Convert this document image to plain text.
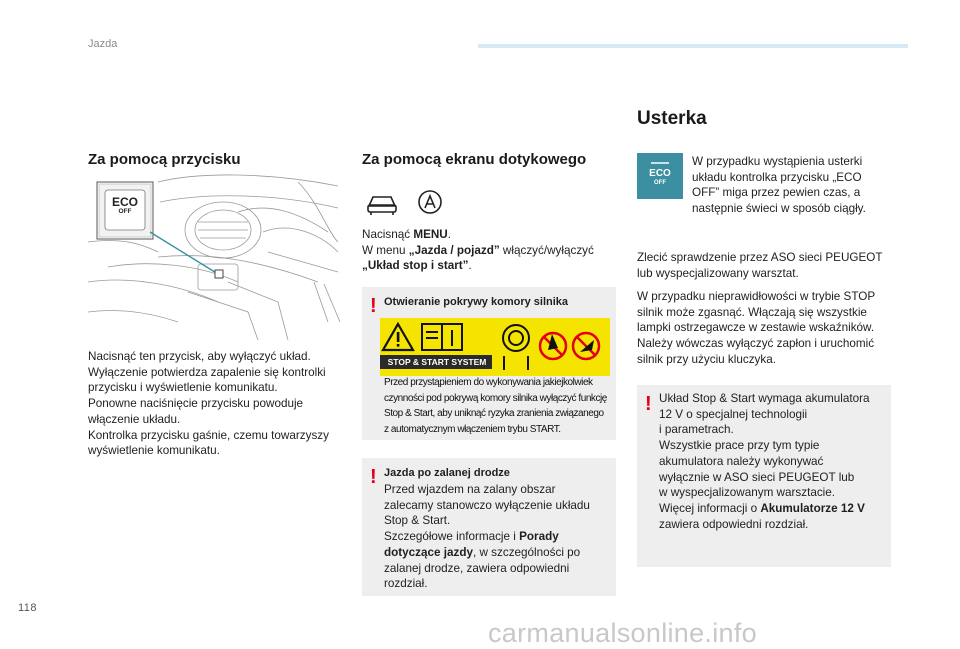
Jazda
Za pomocą przycisku
ECO
OFF
Nacisnąć ten przycisk, aby wyłączyć układ.
Wyłączenie potwierdza zapalenie się kontrolki
przycisku i wyświetlenie komunikatu.
Ponowne naciśnięcie przycisku powoduje
włączenie układu.
Kontrolka przycisku gaśnie, czemu towarzyszy
wyświetlenie komunikatu.
Za pomocą ekranu dotykowego
Nacisnąć MENU.
W menu „Jazda / pojazd” włączyć/wyłączyć
„Układ stop i start”.
! Otwieranie pokrywy komory silnika
STOP & START SYSTEM
Przed przystąpieniem do wykonywania jakiejkolwiek
czynności pod pokrywą komory silnika wyłączyć funkcję
Stop & Start, aby uniknąć ryzyka zranienia związanego
z automatycznym włączeniem trybu START.
! Jazda po zalanej drodze
Przed wjazdem na zalany obszar
zalecamy stanowczo wyłączenie układu
Stop & Start.
Szczegółowe informacje i Porady
dotyczące jazdy, w szczególności po
zalanej drodze, zawiera odpowiedni
rozdział.
Usterka
ECO
OFF
W przypadku wystąpienia usterki
układu kontrolka przycisku „ECO
OFF” miga przez pewien czas, a
następnie świeci w sposób ciągły.
Zlecić sprawdzenie przez ASO sieci PEUGEOT
lub wyspecjalizowany warsztat.
W przypadku nieprawidłowości w trybie STOP
silnik może zgasnąć. Włączają się wszystkie
lampki ostrzegawcze w zestawie wskaźników.
Należy wówczas wyłączyć zapłon i uruchomić
silnik przy użyciu kluczyka.
! Układ Stop & Start wymaga akumulatora
12 V o specjalnej technologii
i parametrach.
Wszystkie prace przy tym typie
akumulatora należy wykonywać
wyłącznie w ASO sieci PEUGEOT lub
w wyspecjalizowanym warsztacie.
Więcej informacji o Akumulatorze 12 V
zawiera odpowiedni rozdział.
118
carmanualsonline.info
